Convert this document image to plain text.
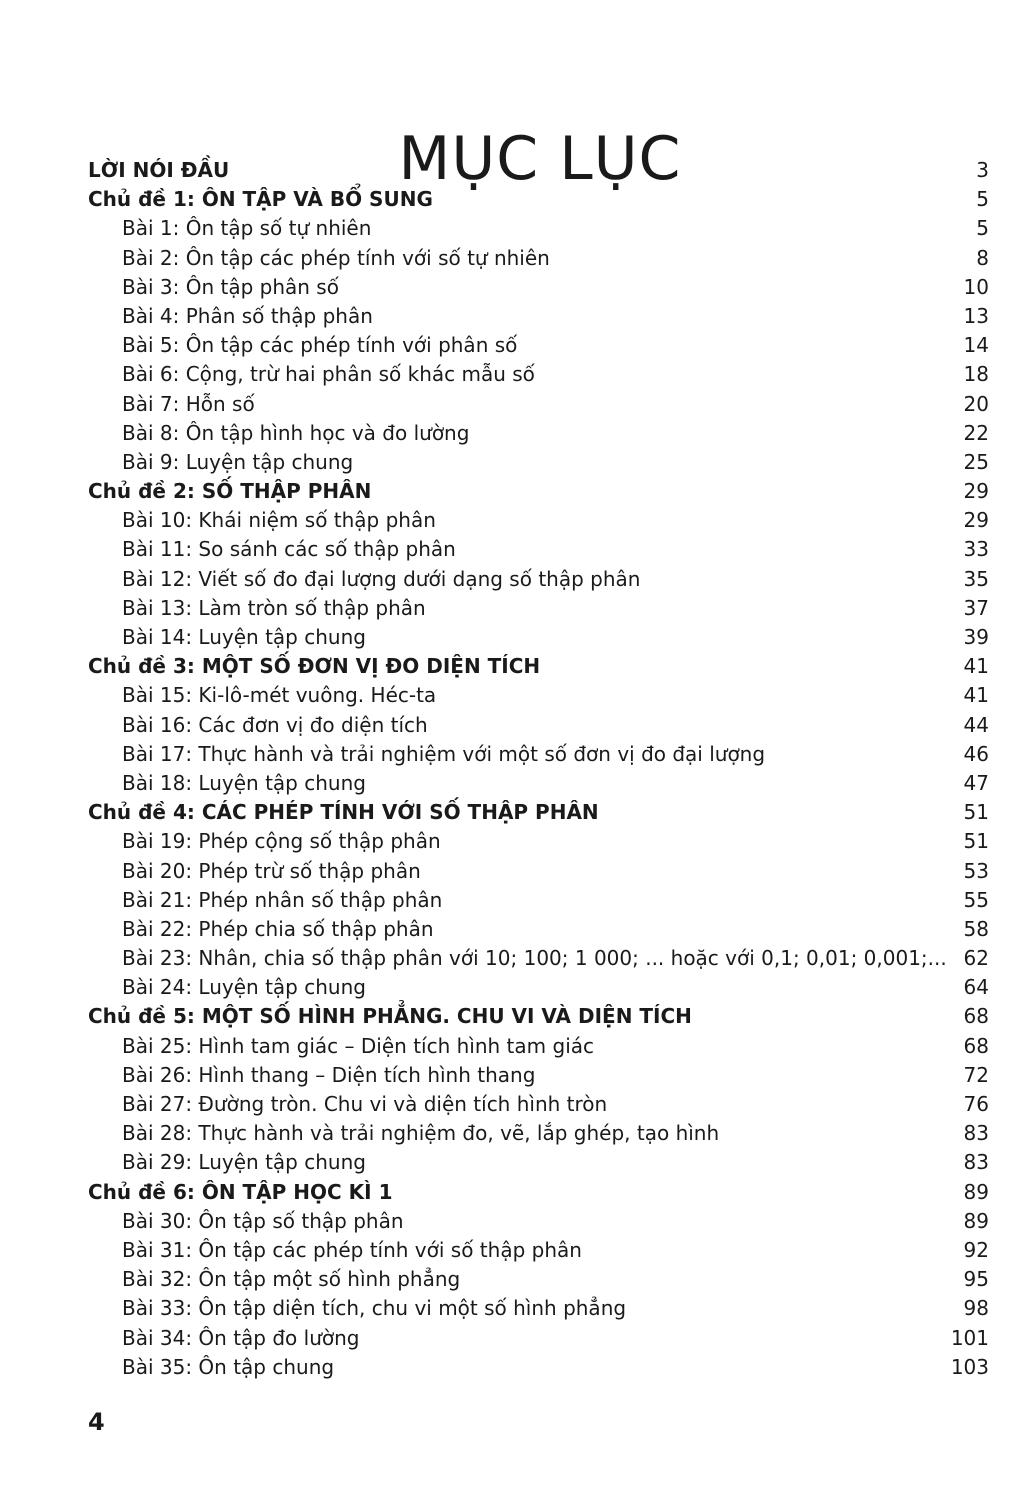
MỤC LỤC
LỜI NÓI ĐẦU	3
Chủ đề 1: ÔN TẬP VÀ BỔ SUNG	5
Bài 1: Ôn tập số tự nhiên	5
Bài 2: Ôn tập các phép tính với số tự nhiên	8
Bài 3: Ôn tập phân số	10
Bài 4: Phân số thập phân	13
Bài 5: Ôn tập các phép tính với phân số	14
Bài 6: Cộng, trừ hai phân số khác mẫu số	18
Bài 7: Hỗn số	20
Bài 8: Ôn tập hình học và đo lường	22
Bài 9: Luyện tập chung	25
Chủ đề 2: SỐ THẬP PHÂN	29
Bài 10: Khái niệm số thập phân	29
Bài 11: So sánh các số thập phân	33
Bài 12: Viết số đo đại lượng dưới dạng số thập phân	35
Bài 13: Làm tròn số thập phân	37
Bài 14: Luyện tập chung	39
Chủ đề 3: MỘT SỐ ĐƠN VỊ ĐO DIỆN TÍCH	41
Bài 15: Ki-lô-mét vuông. Héc-ta	41
Bài 16: Các đơn vị đo diện tích	44
Bài 17: Thực hành và trải nghiệm với một số đơn vị đo đại lượng	46
Bài 18: Luyện tập chung	47
Chủ đề 4: CÁC PHÉP TÍNH VỚI SỐ THẬP PHÂN	51
Bài 19: Phép cộng số thập phân	51
Bài 20: Phép trừ số thập phân	53
Bài 21: Phép nhân số thập phân	55
Bài 22: Phép chia số thập phân	58
Bài 23: Nhân, chia số thập phân với 10; 100; 1 000; ... hoặc với 0,1; 0,01; 0,001;... 62
Bài 24: Luyện tập chung	64
Chủ đề 5: MỘT SỐ HÌNH PHẲNG. CHU VI VÀ DIỆN TÍCH	68
Bài 25: Hình tam giác – Diện tích hình tam giác	68
Bài 26: Hình thang – Diện tích hình thang	72
Bài 27: Đường tròn. Chu vi và diện tích hình tròn	76
Bài 28: Thực hành và trải nghiệm đo, vẽ, lắp ghép, tạo hình	83
Bài 29: Luyện tập chung	83
Chủ đề 6: ÔN TẬP HỌC KÌ 1	89
Bài 30: Ôn tập số thập phân	89
Bài 31: Ôn tập các phép tính với số thập phân	92
Bài 32: Ôn tập một số hình phẳng	95
Bài 33: Ôn tập diện tích, chu vi một số hình phẳng	98
Bài 34: Ôn tập đo lường	101
Bài 35: Ôn tập chung	103
4
